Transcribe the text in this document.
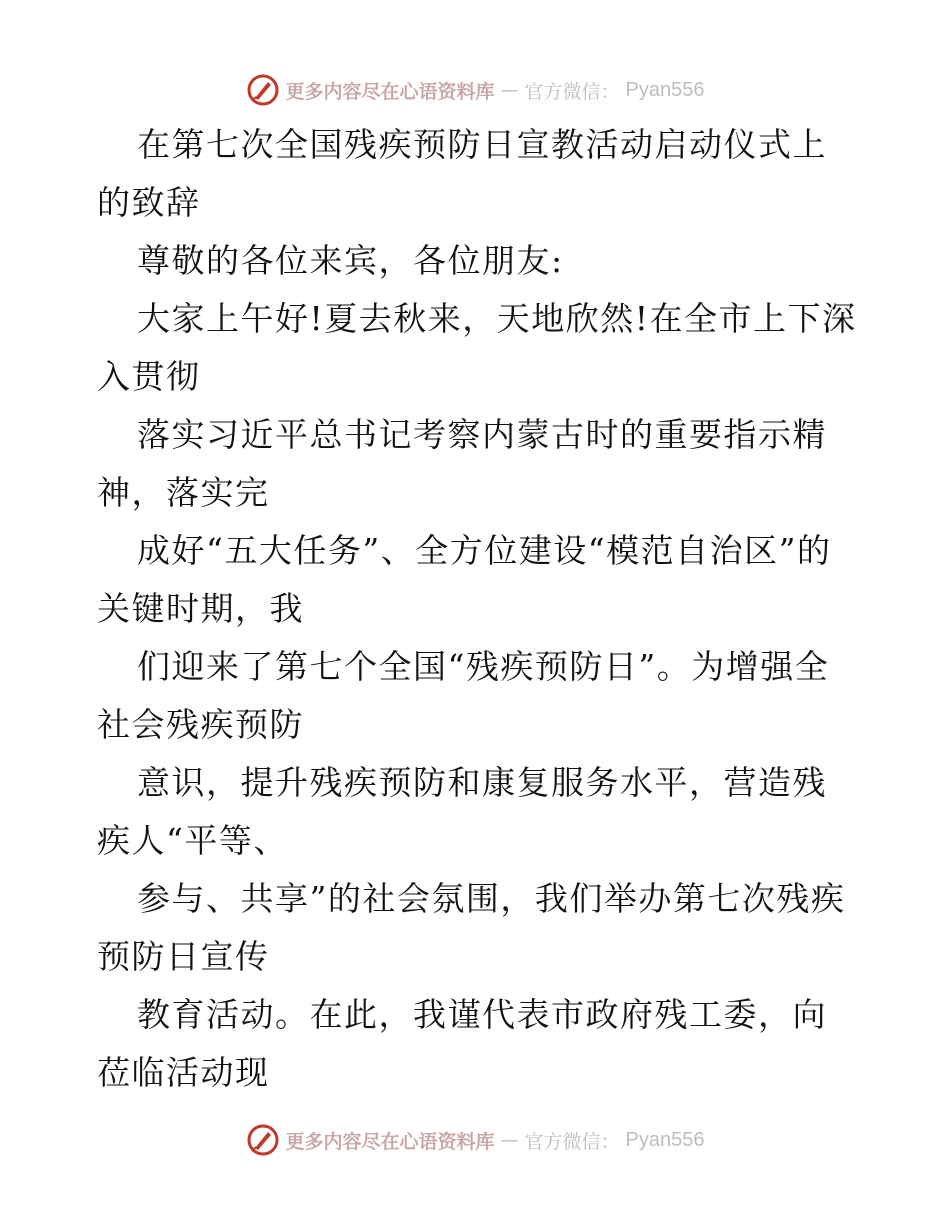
更多内容尽在心语资料库 — 官方微信： Pyan556

在第七次全国残疾预防日宣教活动启动仪式上的致辞

尊敬的各位来宾，各位朋友:

大家上午好!夏去秋来，天地欣然!在全市上下深入贯彻

落实习近平总书记考察内蒙古时的重要指示精神，落实完

成好“五大任务”、全方位建设“模范自治区”的关键时期，我

们迎来了第七个全国“残疾预防日”。为增强全社会残疾预防

意识，提升残疾预防和康复服务水平，营造残疾人“平等、

参与、共享”的社会氛围，我们举办第七次残疾预防日宣传

教育活动。在此，我谨代表市政府残工委，向莅临活动现

更多内容尽在心语资料库 — 官方微信： Pyan556
